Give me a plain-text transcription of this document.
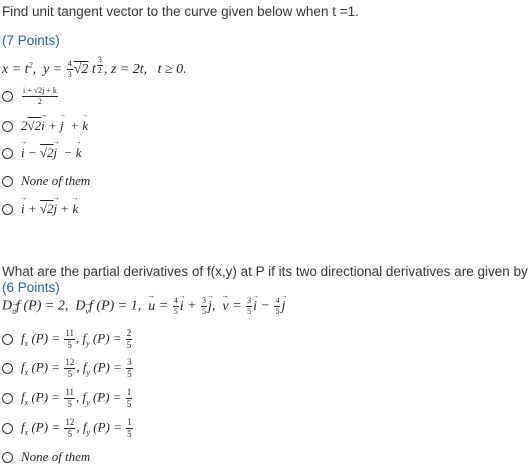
Find unit tangent vector to the curve given below when t =1.
(7 Points)
$x = t^2$,  $y = \frac{4}{3} √2$ t $^{\frac{3}{2}}$ , z = 2t,   t ≥ 0.
$\frac{i + √2j + k}{2}$
2√2→ i + → j  + → k
→ i − √2→ j  − → k
None of them
→ i + √2→ j + → k
What are the partial derivatives of f(x,y) at P if its two directional derivatives are given by
(6 Points)
D→ $_u$f (P) = 2,  D→ $_v$f (P) = 1,  → $u = \frac{4}{5} \to i + \frac{3}{5} \to j$,  → $v = \frac{3}{5} \to i - \frac{4}{5} \to j$
$f_x$ $(P) = \frac{11}{5}$ , $f_y$ $(P) = \frac{2}{5}$
$f_x$ $(P) = \frac{12}{5}$ , $f_y$ $(P) = \frac{3}{5}$
$f_x$ $(P) = \frac{11}{5}$ , $f_y$ $(P) = \frac{1}{5}$
$f_x$ $(P) = \frac{12}{5}$ , $f_y$ $(P) = \frac{1}{5}$
None of them
